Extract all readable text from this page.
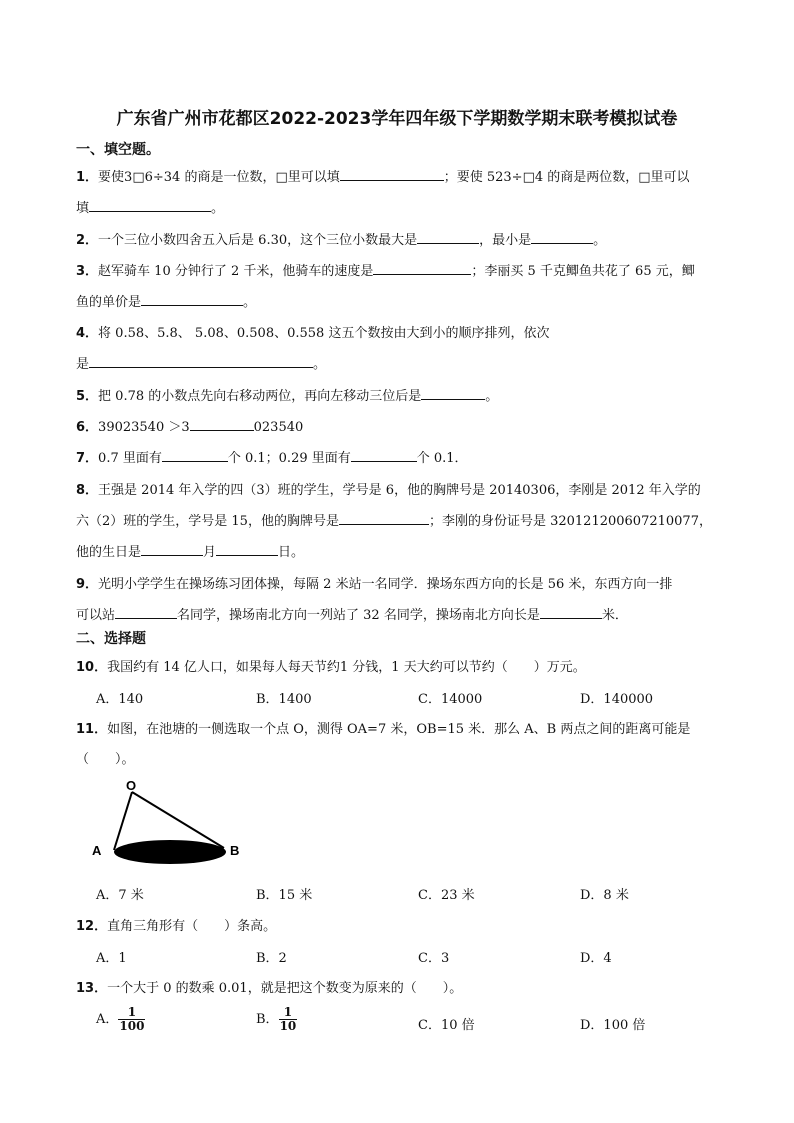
广东省广州市花都区2022-2023学年四年级下学期数学期末联考模拟试卷
一、填空题。
1．要使3□6÷34 的商是一位数，□里可以填	；要使 523÷□4 的商是两位数，□里可以
填	。
2．一个三位小数四舍五入后是 6.30，这个三位小数最大是	，最小是	。
3．赵军骑车 10 分钟行了 2 千米，他骑车的速度是	；李丽买 5 千克鲫鱼共花了 65 元，鲫
鱼的单价是	。
4．将 0.58、5.8、 5.08、0.508、0.558 这五个数按由大到小的顺序排列，依次
是	。
5．把 0.78 的小数点先向右移动两位，再向左移动三位后是	。
6．39023540 ＞3	023540
7．0.7 里面有	个 0.1；0.29 里面有	个 0.1．
8．王强是 2014 年入学的四（3）班的学生，学号是 6，他的胸牌号是 20140306，李刚是 2012 年入学的
六（2）班的学生，学号是 15，他的胸牌号是	；李刚的身份证号是 320121200607210077，
他的生日是	月	日。
9．光明小学学生在操场练习团体操，每隔 2 米站一名同学．操场东西方向的长是 56 米，东西方向一排
可以站	名同学，操场南北方向一列站了 32 名同学，操场南北方向长是	米．
二、选择题
10．我国约有 14 亿人口，如果每人每天节约1 分钱，1 天大约可以节约（　　）万元。
A．140	B．1400	C．14000	D．140000
11．如图，在池塘的一侧选取一个点 O，测得 OA=7 米，OB=15 米．那么 A、B 两点之间的距离可能是
（　　）。
O
A	B
A．7 米	B．15 米	C．23 米	D．8 米
12．直角三角形有（　　）条高。
A．1	B．2	C．3	D．4
13．一个大于 0 的数乘 0.01，就是把这个数变为原来的（　　）。
A． $\frac{1}{100}$	B． $\frac{1}{10}$	C．10 倍	D．100 倍
